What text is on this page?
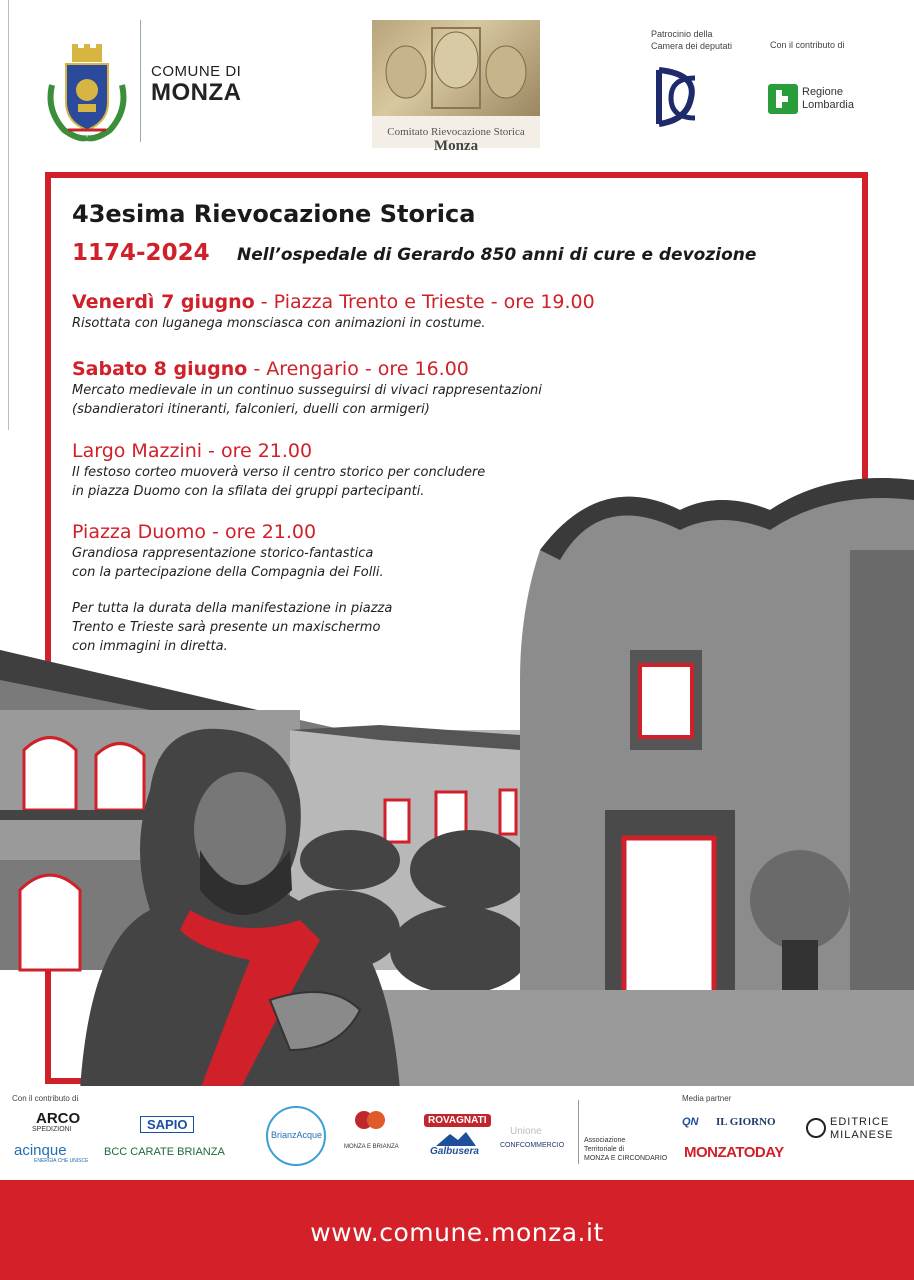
COMUNE DI
MONZA
Comitato Rievocazione Storica
Monza
Patrocinio della
Camera dei deputati	Con il contributo di
Regione
Lombardia
43esima Rievocazione Storica
1174-2024 Nell’ospedale di Gerardo 850 anni di cure e devozione
Venerdì 7 giugno - Piazza Trento e Trieste - ore 19.00
Risottata con luganega monsciasca con animazioni in costume.
Sabato 8 giugno - Arengario - ore 16.00
Mercato medievale in un continuo susseguirsi di vivaci rappresentazioni
(sbandieratori itineranti, falconieri, duelli con armigeri)
Largo Mazzini - ore 21.00
Il festoso corteo muoverà verso il centro storico per concludere
in piazza Duomo con la sfilata dei gruppi partecipanti.
Piazza Duomo - ore 21.00
Grandiosa rappresentazione storico-fantastica
con la partecipazione della Compagnia dei Folli.
Per tutta la durata della manifestazione in piazza
Trento e Trieste sarà presente un maxischermo
con immagini in diretta.
Con il contributo di	Media partner
ARCO
SPEDIZIONI	SAPIO
acinque
ENERGIA CHE UNISCE
BCC CARATE BRIANZA
BrianzAcque
MONZA E BRIANZA
ROVAGNATI
Galbusera
Unione
CONFCOMMERCIO
Associazione
Territoriale di
MONZA E CIRCONDARIO
QN IL GIORNO
MONZATODAY
EDITRICE
MILANESE
www.comune.monza.it
